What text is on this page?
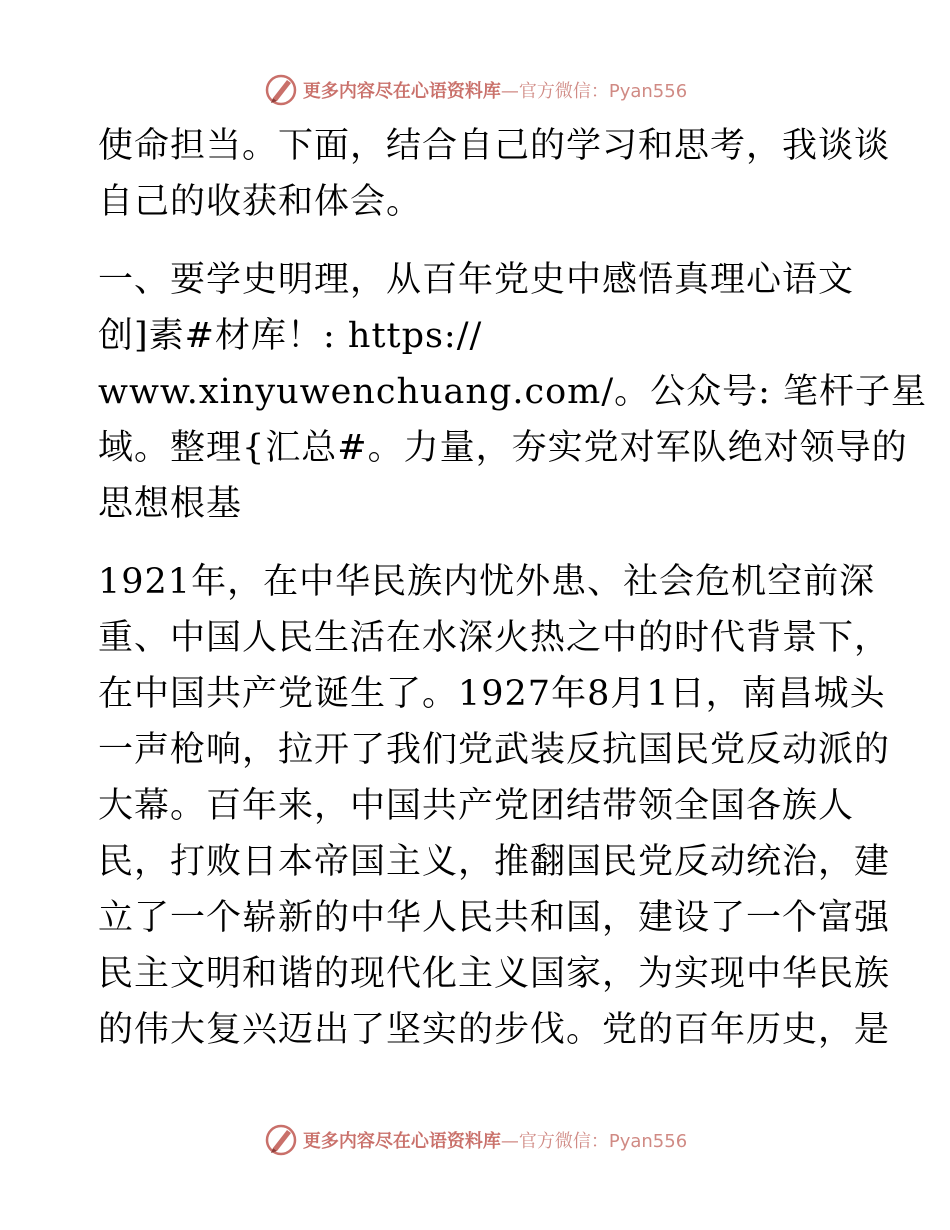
更多内容尽在心语资料库—官方微信：Pyan556
使命担当。下面，结合自己的学习和思考，我谈谈
自己的收获和体会。
一、要学史明理，从百年党史中感悟真理心语文
创]素#材库！: https://
www.xinyuwenchuang.com/。公众号: 笔杆子星
域。整理{汇总#。力量，夯实党对军队绝对领导的
思想根基
1921年，在中华民族内忧外患、社会危机空前深
重、中国人民生活在水深火热之中的时代背景下，
在中国共产党诞生了。1927年8月1日，南昌城头
一声枪响，拉开了我们党武装反抗国民党反动派的
大幕。百年来，中国共产党团结带领全国各族人
民，打败日本帝国主义，推翻国民党反动统治，建
立了一个崭新的中华人民共和国，建设了一个富强
民主文明和谐的现代化主义国家，为实现中华民族
的伟大复兴迈出了坚实的步伐。党的百年历史，是
更多内容尽在心语资料库—官方微信：Pyan556
